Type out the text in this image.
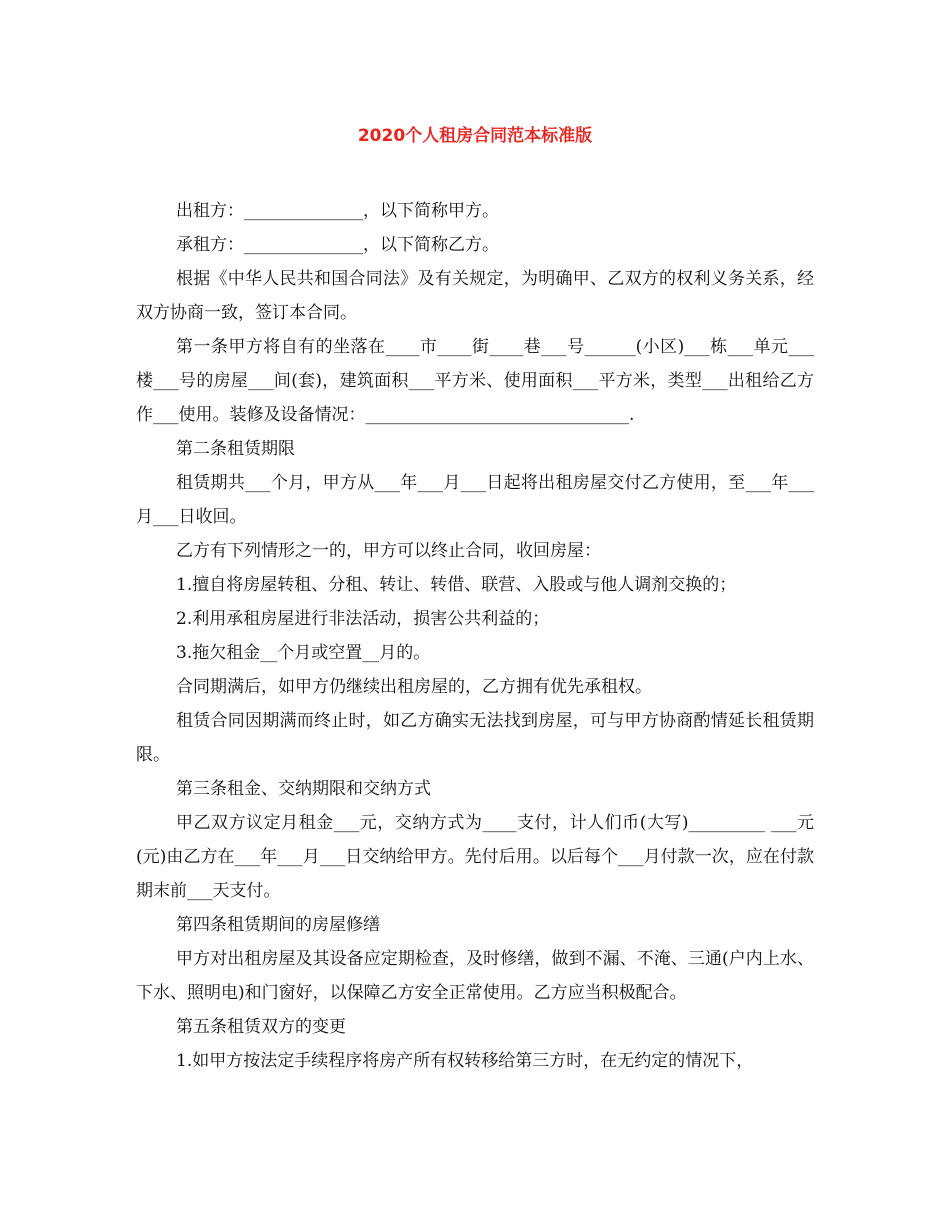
2020个人租房合同范本标准版

出租方：______________，以下简称甲方。

承租方：______________，以下简称乙方。

根据《中华人民共和国合同法》及有关规定，为明确甲、乙双方的权利义务关系，经双方协商一致，签订本合同。

第一条甲方将自有的坐落在____市____街____巷___号______(小区)___栋___单元___楼___号的房屋___间(套)，建筑面积___平方米、使用面积___平方米，类型___出租给乙方作___使用。装修及设备情况：_______________________________.

第二条租赁期限

租赁期共___个月，甲方从___年___月___日起将出租房屋交付乙方使用，至___年___月___日收回。

乙方有下列情形之一的，甲方可以终止合同，收回房屋：

1.擅自将房屋转租、分租、转让、转借、联营、入股或与他人调剂交换的；

2.利用承租房屋进行非法活动，损害公共利益的；

3.拖欠租金__个月或空置__月的。

合同期满后，如甲方仍继续出租房屋的，乙方拥有优先承租权。

租赁合同因期满而终止时，如乙方确实无法找到房屋，可与甲方协商酌情延长租赁期限。

第三条租金、交纳期限和交纳方式

甲乙双方议定月租金___元，交纳方式为____支付，计人们币(大写)_________ ___元(元)由乙方在___年___月___日交纳给甲方。先付后用。以后每个___月付款一次，应在付款期末前___天支付。

第四条租赁期间的房屋修缮

甲方对出租房屋及其设备应定期检查，及时修缮，做到不漏、不淹、三通(户内上水、下水、照明电)和门窗好，以保障乙方安全正常使用。乙方应当积极配合。

第五条租赁双方的变更

1.如甲方按法定手续程序将房产所有权转移给第三方时，在无约定的情况下，
